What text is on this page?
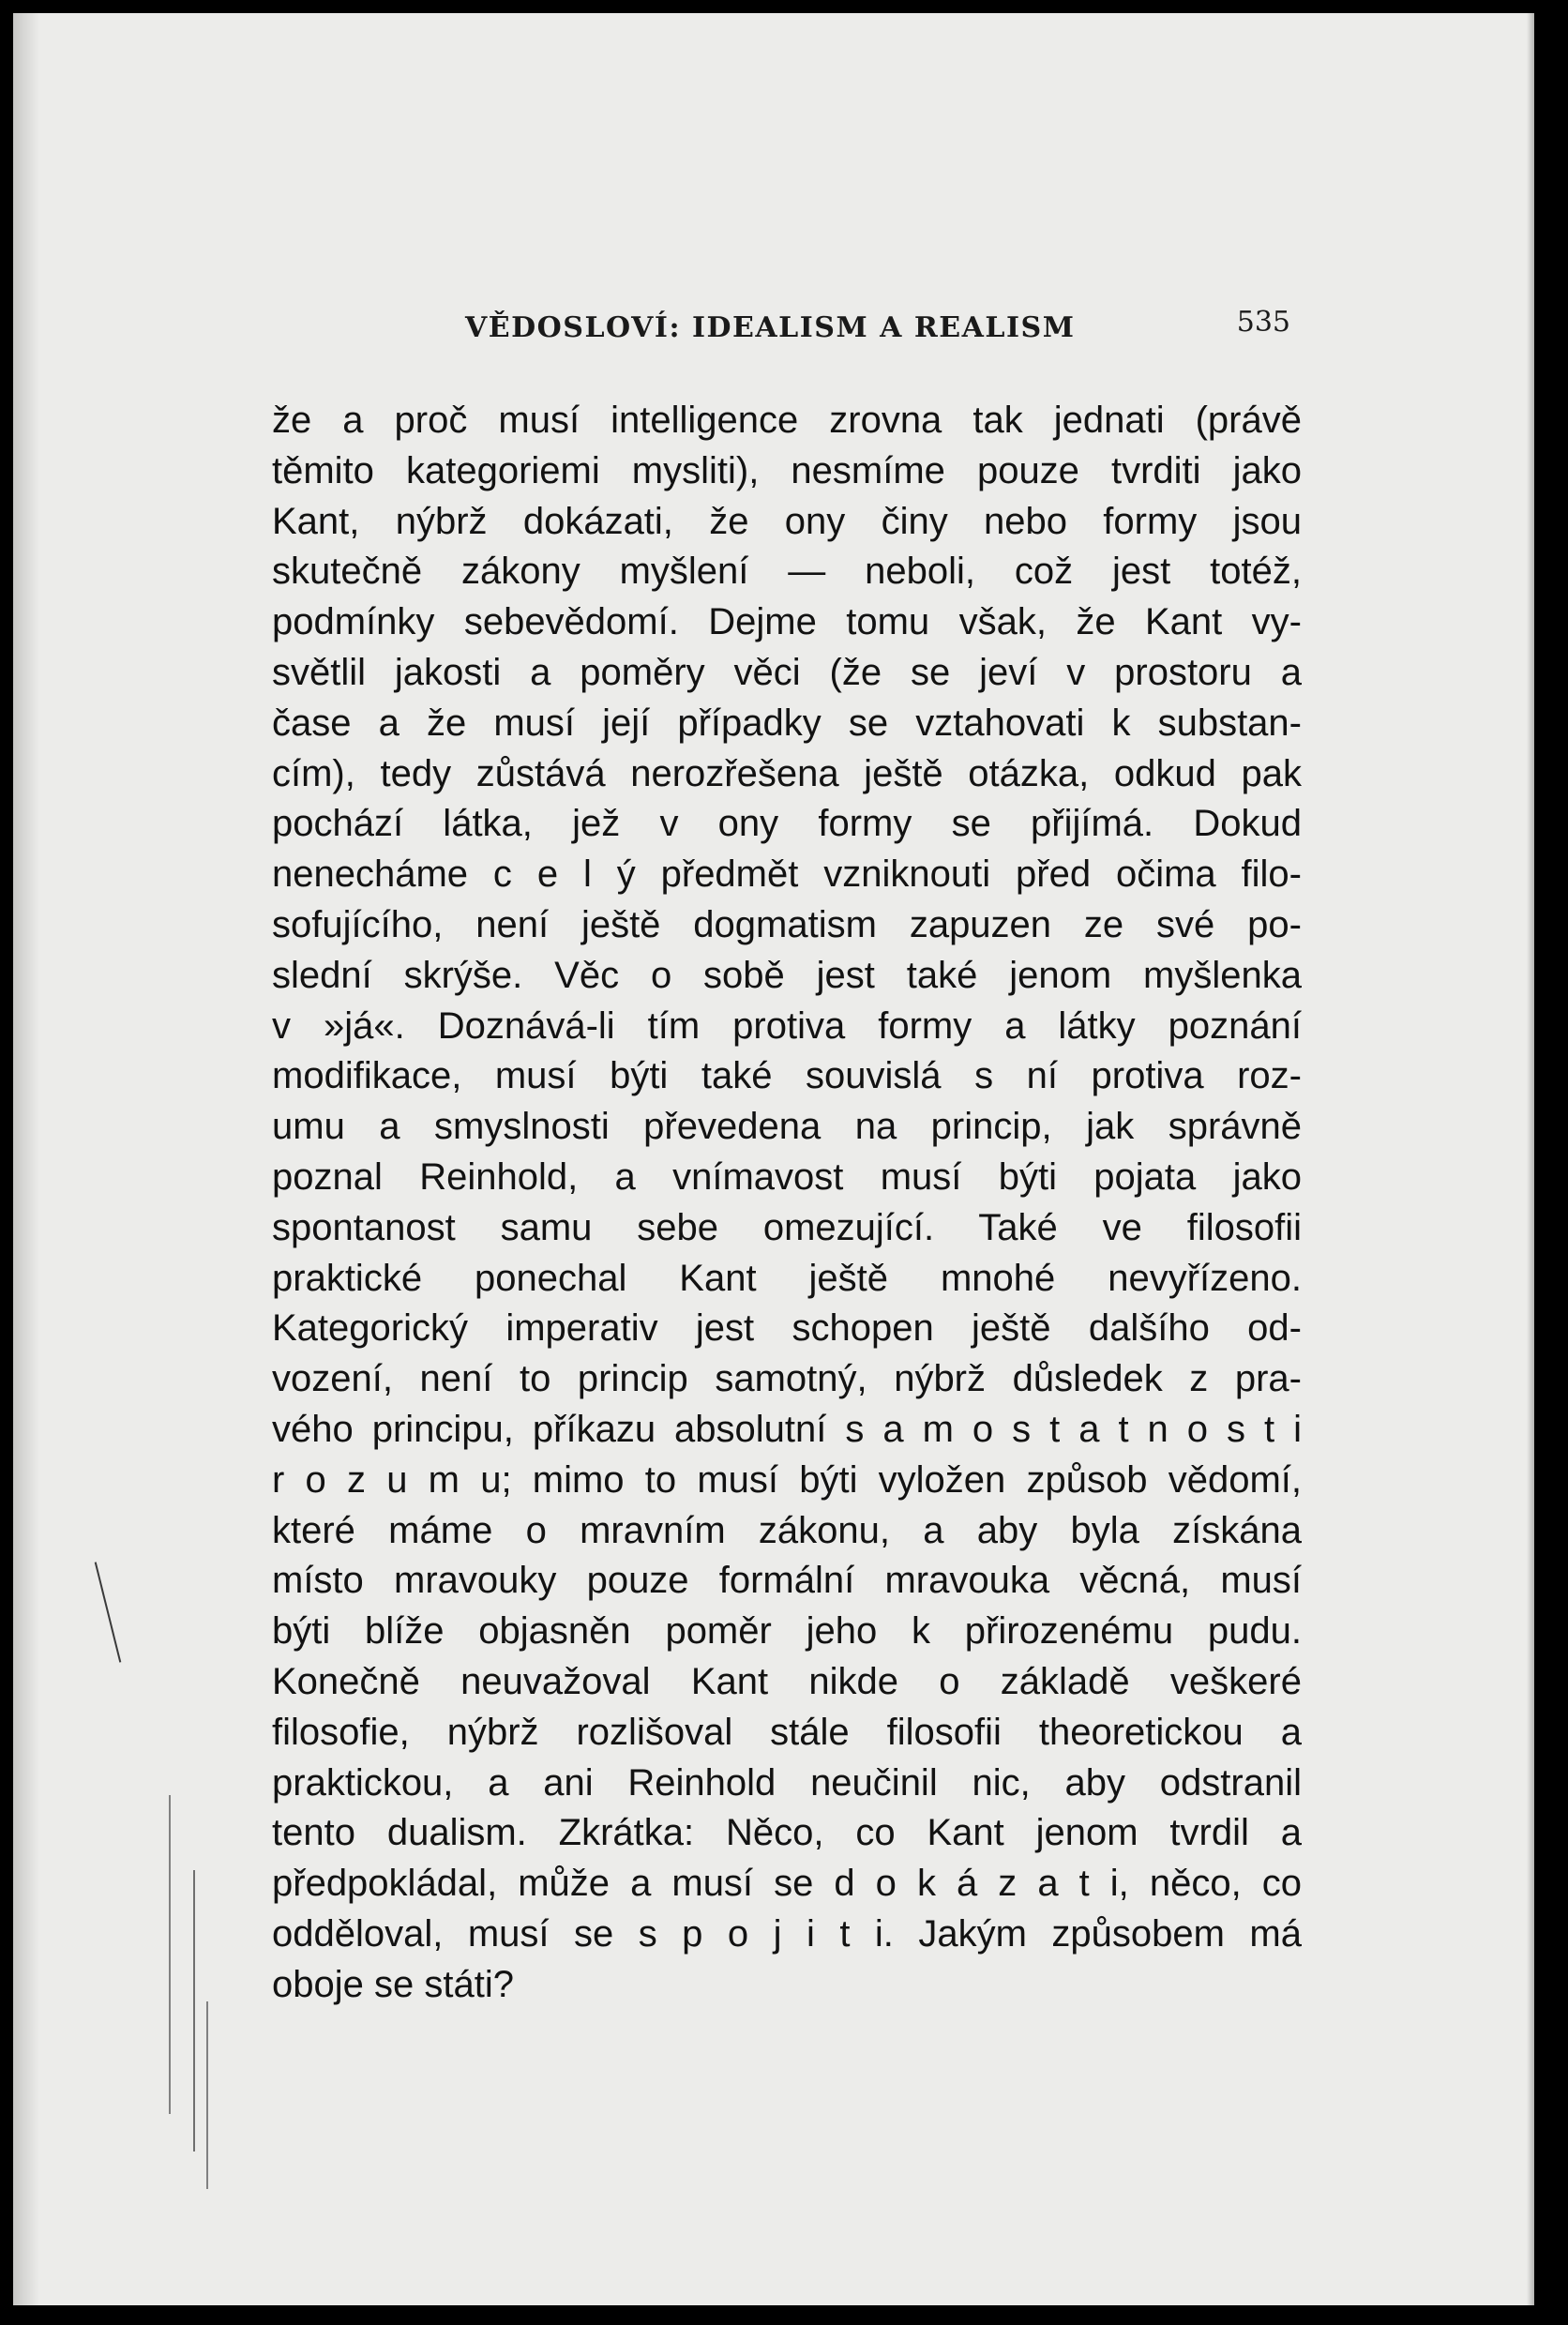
VĚDOSLOVÍ: IDEALISM A REALISM	535
že a proč musí intelligence zrovna tak jednati (právě
těmito kategoriemi mysliti), nesmíme pouze tvrditi jako
Kant, nýbrž dokázati, že ony činy nebo formy jsou
skutečně zákony myšlení — neboli, což jest totéž,
podmínky sebevědomí. Dejme tomu však, že Kant vy-
světlil jakosti a poměry věci (že se jeví v prostoru a
čase a že musí její případky se vztahovati k substan-
cím), tedy zůstává nerozřešena ještě otázka, odkud pak
pochází látka, jež v ony formy se přijímá. Dokud
nenecháme c e l ý předmět vzniknouti před očima filo-
sofujícího, není ještě dogmatism zapuzen ze své po-
slední skrýše. Věc o sobě jest také jenom myšlenka
v »já«. Doznává-li tím protiva formy a látky poznání
modifikace, musí býti také souvislá s ní protiva roz-
umu a smyslnosti převedena na princip, jak správně
poznal Reinhold, a vnímavost musí býti pojata jako
spontanost samu sebe omezující. Také ve filosofii
praktické ponechal Kant ještě mnohé nevyřízeno.
Kategorický imperativ jest schopen ještě dalšího od-
vození, není to princip samotný, nýbrž důsledek z pra-
vého principu, příkazu absolutní s a m o s t a t n o s t i
r o z u m u; mimo to musí býti vyložen způsob vědomí,
které máme o mravním zákonu, a aby byla získána
místo mravouky pouze formální mravouka věcná, musí
býti blíže objasněn poměr jeho k přirozenému pudu.
Konečně neuvažoval Kant nikde o základě veškeré
filosofie, nýbrž rozlišoval stále filosofii theoretickou a
praktickou, a ani Reinhold neučinil nic, aby odstranil
tento dualism. Zkrátka: Něco, co Kant jenom tvrdil a
předpokládal, může a musí se d o k á z a t i, něco, co
odděloval, musí se s p o j i t i. Jakým způsobem má
oboje se státi?
